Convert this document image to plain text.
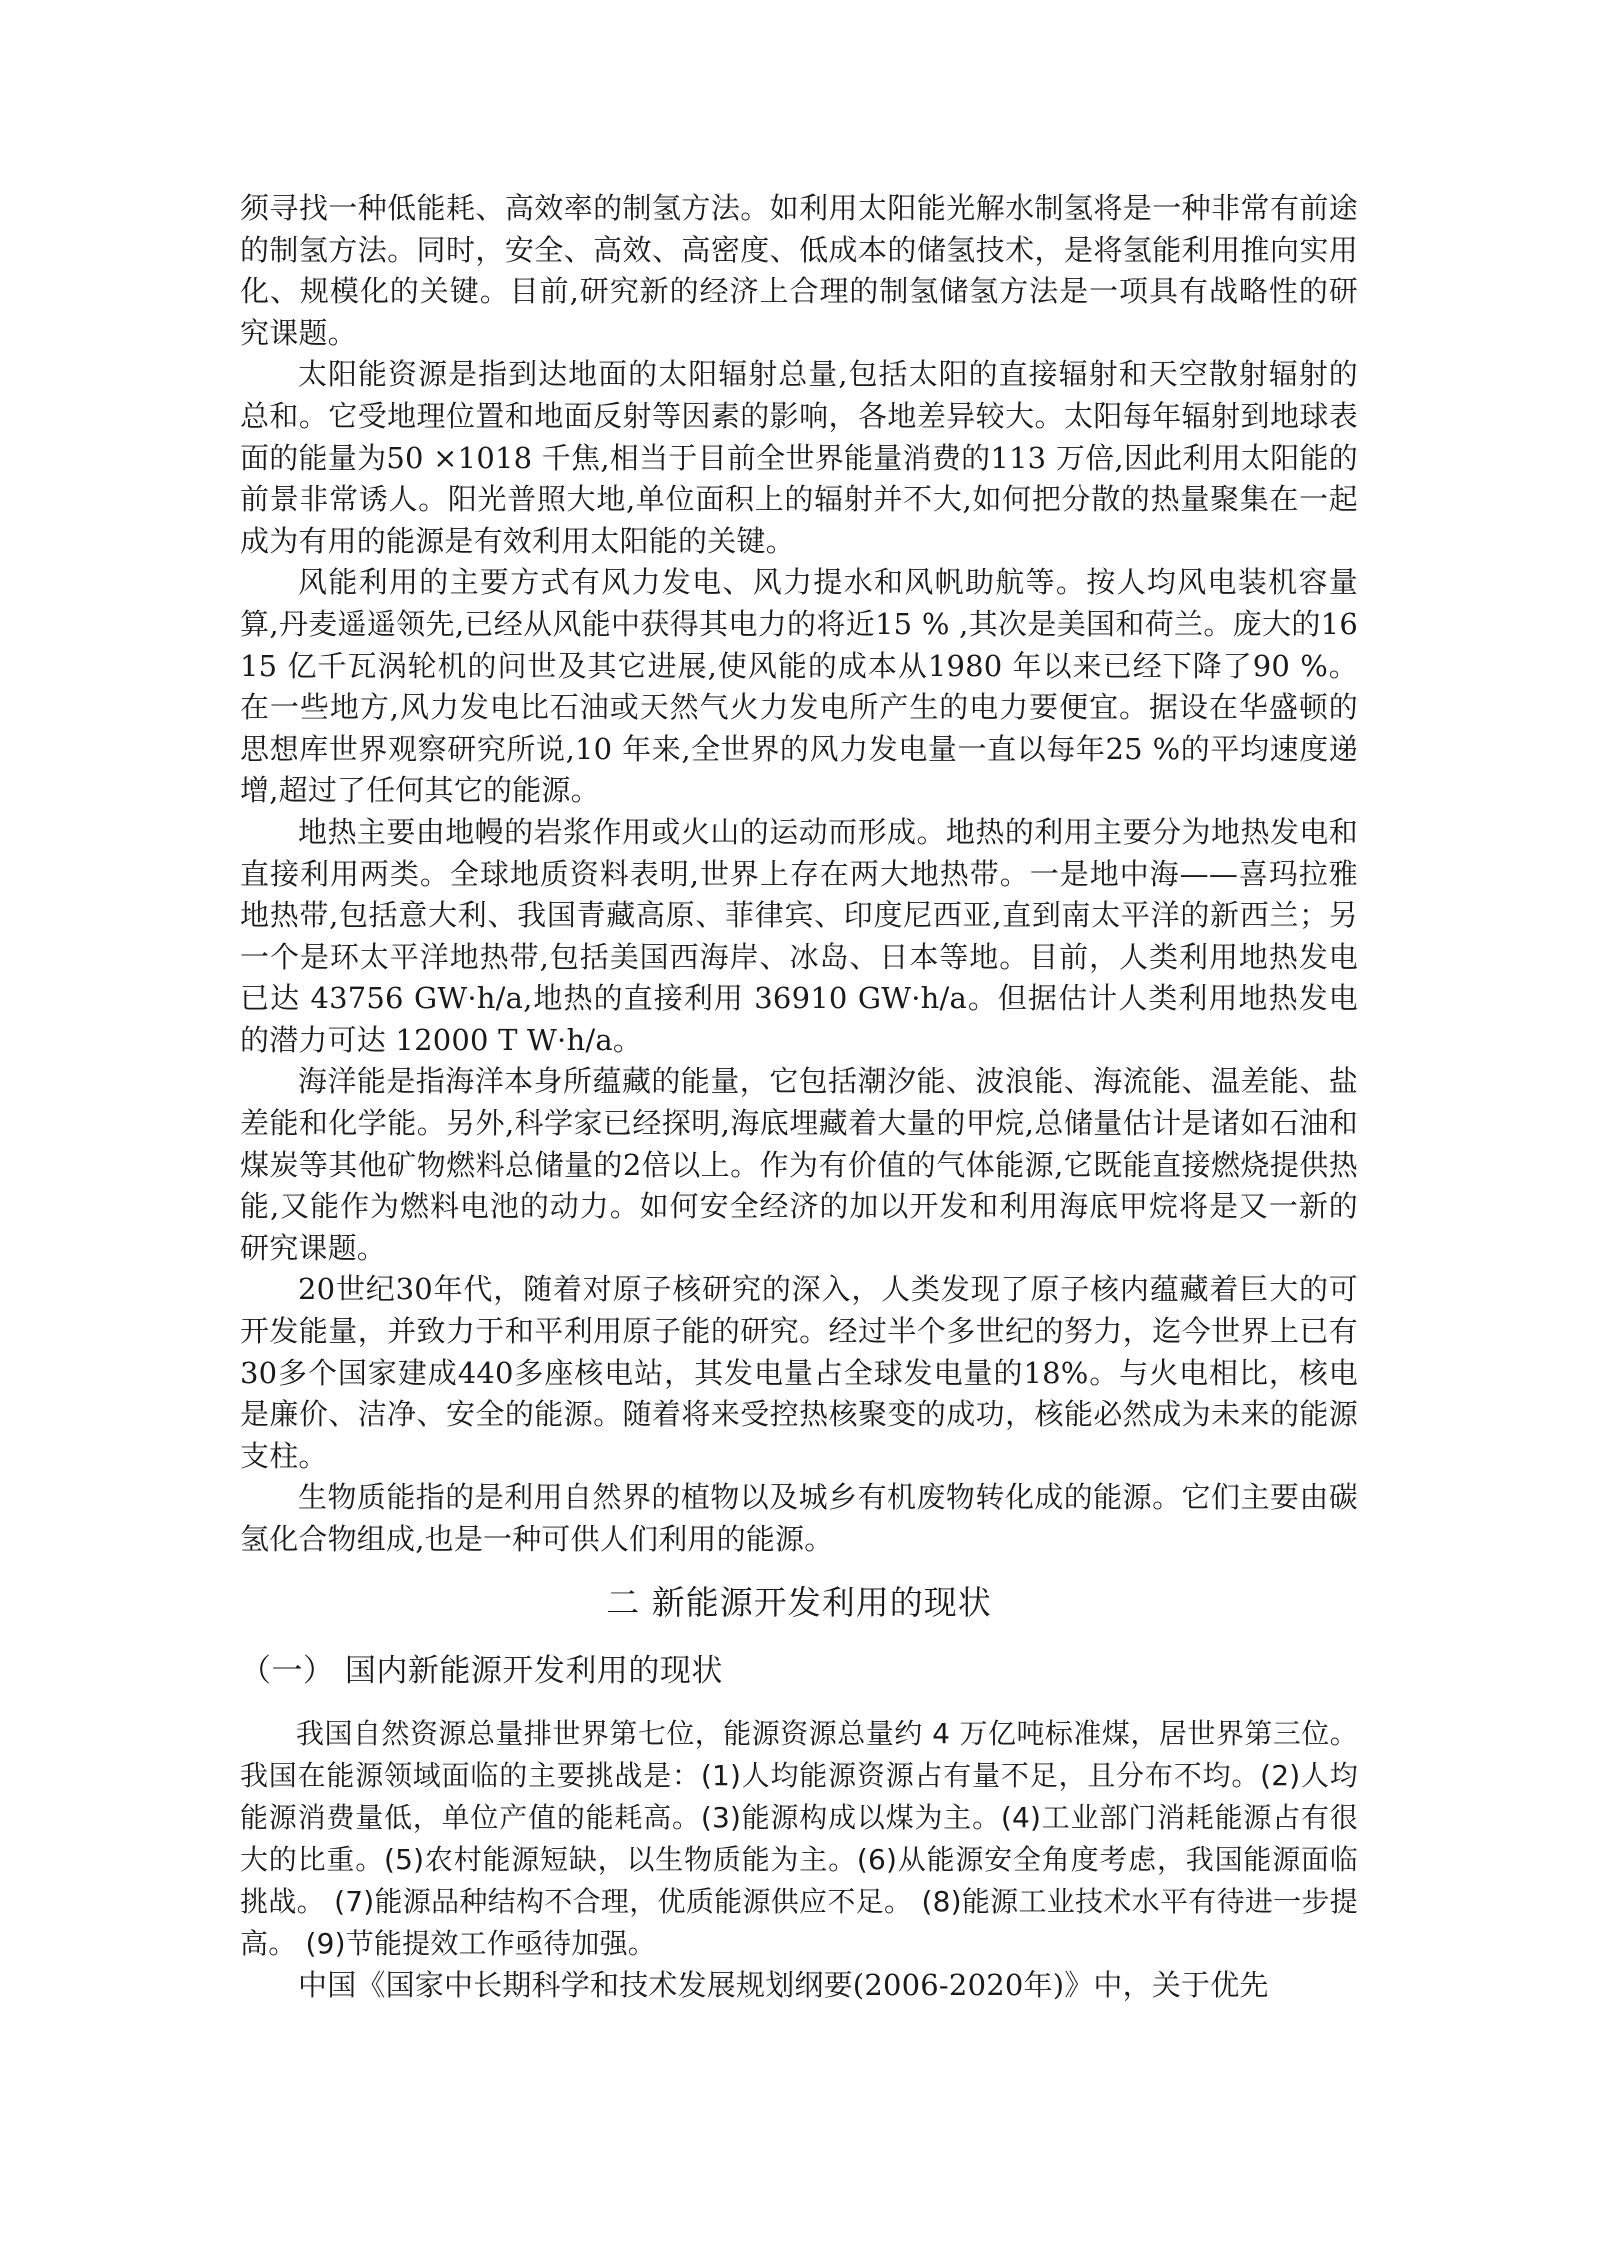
须寻找一种低能耗、高效率的制氢方法。如利用太阳能光解水制氢将是一种非常有前途的制氢方法。同时，安全、高效、高密度、低成本的储氢技术，是将氢能利用推向实用化、规模化的关键。目前,研究新的经济上合理的制氢储氢方法是一项具有战略性的研究课题。

太阳能资源是指到达地面的太阳辐射总量,包括太阳的直接辐射和天空散射辐射的总和。它受地理位置和地面反射等因素的影响，各地差异较大。太阳每年辐射到地球表面的能量为50 ×1018 千焦,相当于目前全世界能量消费的113 万倍,因此利用太阳能的前景非常诱人。阳光普照大地,单位面积上的辐射并不大,如何把分散的热量聚集在一起成为有用的能源是有效利用太阳能的关键。

风能利用的主要方式有风力发电、风力提水和风帆助航等。按人均风电装机容量算,丹麦遥遥领先,已经从风能中获得其电力的将近15 % ,其次是美国和荷兰。庞大的1615 亿千瓦涡轮机的问世及其它进展,使风能的成本从1980 年以来已经下降了90 %。在一些地方,风力发电比石油或天然气火力发电所产生的电力要便宜。据设在华盛顿的思想库世界观察研究所说,10 年来,全世界的风力发电量一直以每年25 %的平均速度递增,超过了任何其它的能源。

地热主要由地幔的岩浆作用或火山的运动而形成。地热的利用主要分为地热发电和直接利用两类。全球地质资料表明,世界上存在两大地热带。一是地中海——喜玛拉雅地热带,包括意大利、我国青藏高原、菲律宾、印度尼西亚,直到南太平洋的新西兰；另一个是环太平洋地热带,包括美国西海岸、冰岛、日本等地。目前，人类利用地热发电已达 43756 GW·h/a,地热的直接利用 36910 GW·h/a。但据估计人类利用地热发电的潜力可达 12000 T W·h/a。

海洋能是指海洋本身所蕴藏的能量，它包括潮汐能、波浪能、海流能、温差能、盐差能和化学能。另外,科学家已经探明,海底埋藏着大量的甲烷,总储量估计是诸如石油和煤炭等其他矿物燃料总储量的2倍以上。作为有价值的气体能源,它既能直接燃烧提供热能,又能作为燃料电池的动力。如何安全经济的加以开发和利用海底甲烷将是又一新的研究课题。

20世纪30年代，随着对原子核研究的深入，人类发现了原子核内蕴藏着巨大的可开发能量，并致力于和平利用原子能的研究。经过半个多世纪的努力，迄今世界上已有30多个国家建成440多座核电站，其发电量占全球发电量的18%。与火电相比，核电是廉价、洁净、安全的能源。随着将来受控热核聚变的成功，核能必然成为未来的能源支柱。

生物质能指的是利用自然界的植物以及城乡有机废物转化成的能源。它们主要由碳氢化合物组成,也是一种可供人们利用的能源。

二 新能源开发利用的现状
（一） 国内新能源开发利用的现状

我国自然资源总量排世界第七位，能源资源总量约 4 万亿吨标准煤，居世界第三位。我国在能源领域面临的主要挑战是：(1)人均能源资源占有量不足，且分布不均。(2)人均能源消费量低，单位产值的能耗高。(3)能源构成以煤为主。(4)工业部门消耗能源占有很大的比重。(5)农村能源短缺，以生物质能为主。(6)从能源安全角度考虑，我国能源面临挑战。 (7)能源品种结构不合理，优质能源供应不足。 (8)能源工业技术水平有待进一步提高。 (9)节能提效工作亟待加强。

中国《国家中长期科学和技术发展规划纲要(2006-2020年)》中，关于优先
